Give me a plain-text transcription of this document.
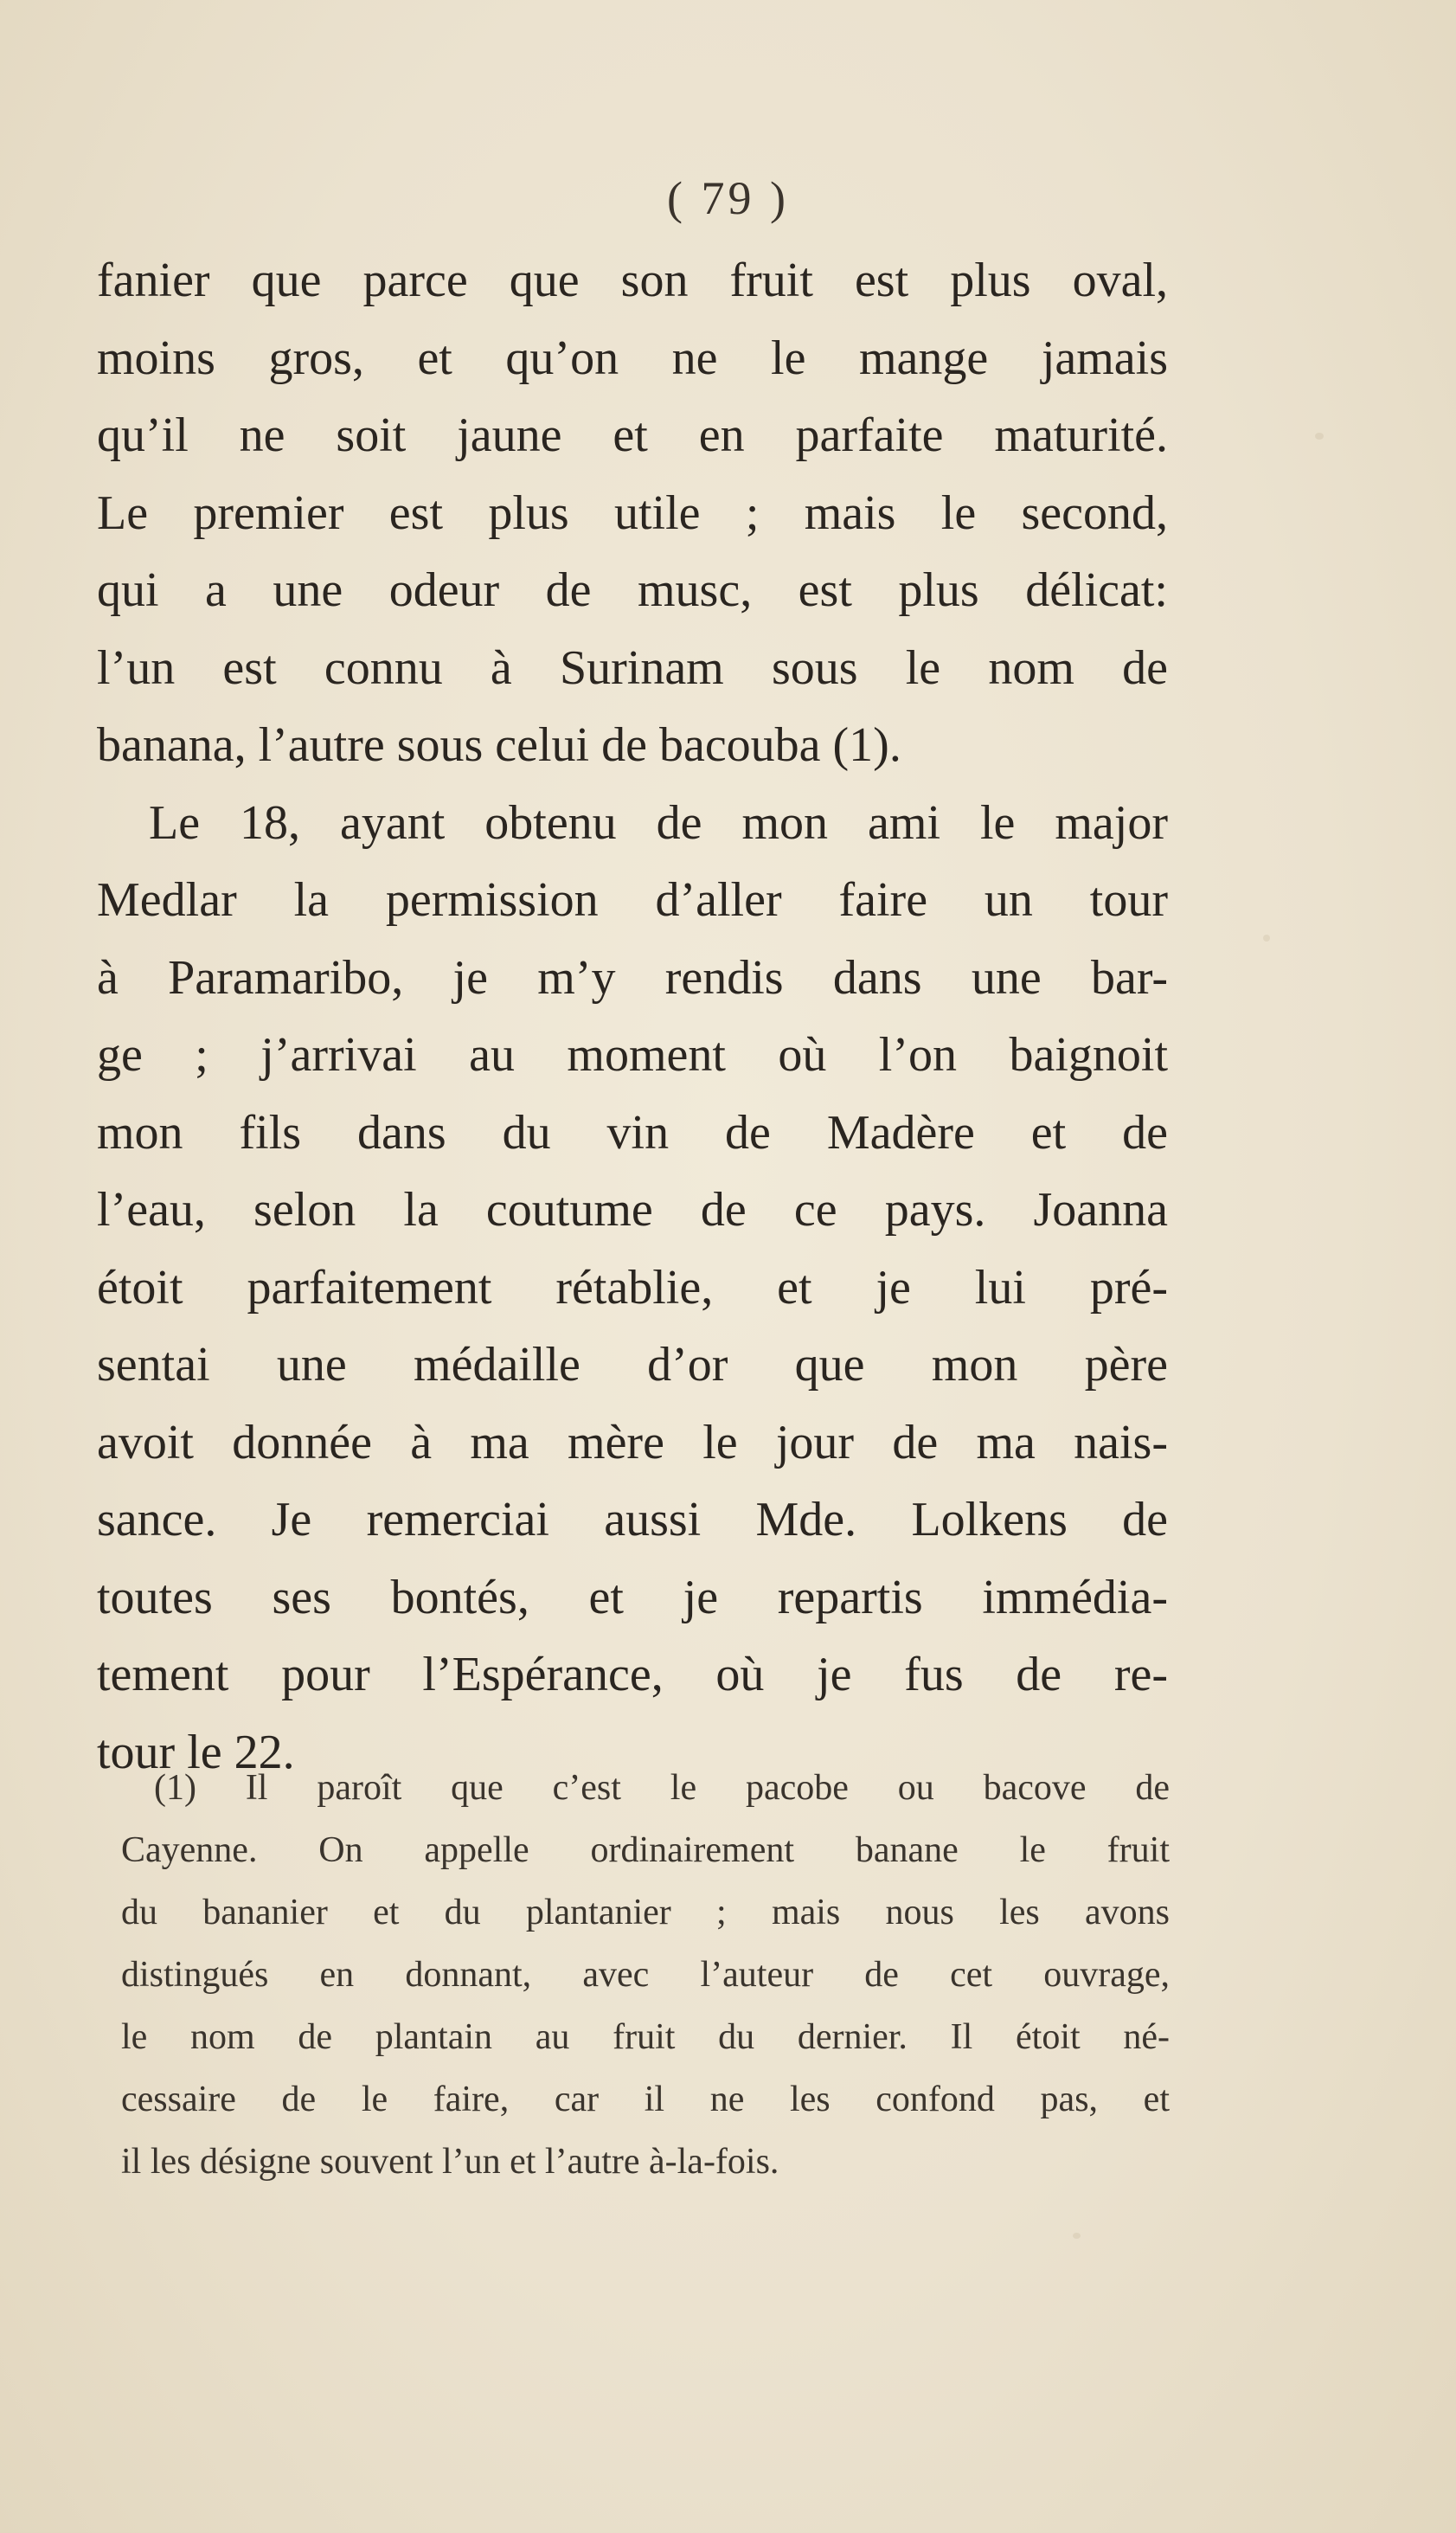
( 79 )
fanier que parce que son fruit est plus oval,
moins gros, et qu’on ne le mange jamais
qu’il ne soit jaune et en parfaite maturité.
Le premier est plus utile ; mais le second,
qui a une odeur de musc, est plus délicat:
l’un est connu à Surinam sous le nom de
banana, l’autre sous celui de bacouba (1).
Le 18, ayant obtenu de mon ami le major
Medlar la permission d’aller faire un tour
à Paramaribo, je m’y rendis dans une bar-
ge ; j’arrivai au moment où l’on baignoit
mon fils dans du vin de Madère et de
l’eau, selon la coutume de ce pays. Joanna
étoit parfaitement rétablie, et je lui pré-
sentai une médaille d’or que mon père
avoit donnée à ma mère le jour de ma nais-
sance. Je remerciai aussi Mde. Lolkens de
toutes ses bontés, et je repartis immédia-
tement pour l’Espérance, où je fus de re-
tour le 22.
(1) Il paroît que c’est le pacobe ou bacove de
Cayenne. On appelle ordinairement banane le fruit
du bananier et du plantanier ; mais nous les avons
distingués en donnant, avec l’auteur de cet ouvrage,
le nom de plantain au fruit du dernier. Il étoit né-
cessaire de le faire, car il ne les confond pas, et
il les désigne souvent l’un et l’autre à-la-fois.
